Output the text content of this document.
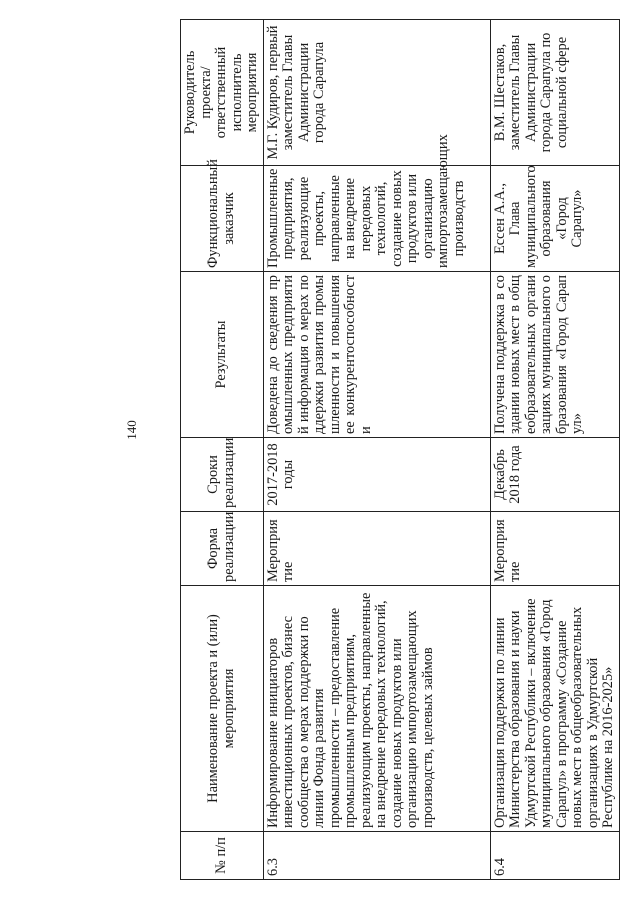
140
№ п/п	Наименование проекта и (или) мероприятия	Форма реализации	Сроки реализации	Результаты	Функциональный заказчик	Руководитель проекта/ ответственный исполнитель мероприятия
6.3	Информирование инициаторов инвестиционных проектов, бизнес сообщества о мерах поддержки по линии Фонда развития промышленности – предоставление промышленным предприятиям, реализующим проекты, направленные на внедрение передовых технологий, создание новых продуктов или организацию импортозамещающих производств, целевых займов	Мероприятие	2017-2018 годы	Доведена до сведения промышленных предприятий информация о мерах поддержки развития промышленности и повышения ее конкурентоспособности	Промышленные предприятия, реализующие проекты, направленные на внедрение передовых технологий, создание новых продуктов или организацию импортозамещающих производств	М.Г. Кудиров, первый заместитель Главы Администрации города Сарапула
6.4	Организация поддержки по линии Министерства образования и науки Удмуртской Республики – включение муниципального образования «Город Сарапул» в программу «Создание новых мест в общеобразовательных организациях в Удмуртской Республике на 2016-2025»	Мероприятие	Декабрь 2018 года	Получена поддержка в создании новых мест в общеобразовательных организациях муниципального образования «Город Сарапул»	Ессен А.А., Глава муниципального образования «Город Сарапул»	В.М. Шестаков, заместитель Главы Администрации города Сарапула по социальной сфере
